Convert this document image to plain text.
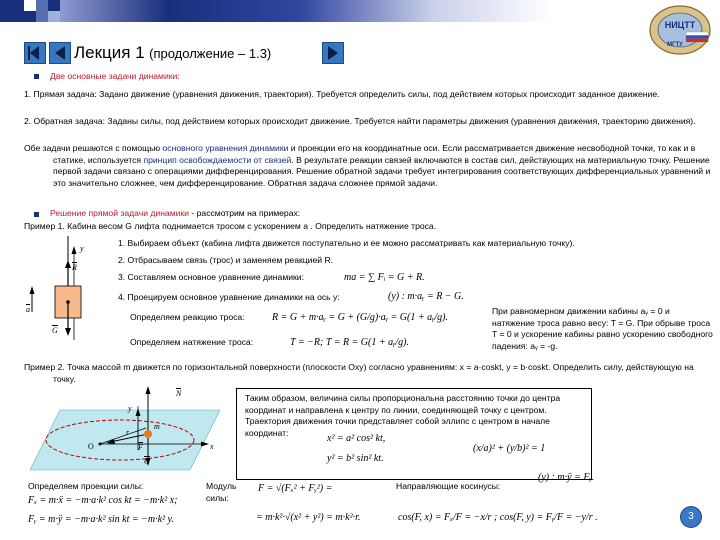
НИЦТТ
МГТУ
Лекция 1 (продолжение – 1.3)
Две основные задачи динамики:
1. Прямая задача: Задано движение (уравнения движения, траектория). Требуется определить силы, под действием которых происходит заданное движение.
2. Обратная задача: Заданы силы, под действием которых происходит движение. Требуется найти параметры движения (уравнения движения, траекторию движения).
Обе задачи решаются с помощью основного уравнения динамики и проекции его на координатные оси. Если рассматривается движение несвободной точки, то как и в статике, используется принцип освобождаемости от связей. В результате реакции связей включаются в состав сил, действующих на материальную точку. Решение первой задачи связано с операциями дифференцирования. Решение обратной задачи требует интегрирования соответствующих дифференциальных уравнений и это значительно сложнее, чем дифференцирование. Обратная задача сложнее прямой задачи.
Решение прямой задачи динамики - рассмотрим на примерах:
Пример 1. Кабина весом G лифта поднимается тросом с ускорением a . Определить натяжение троса.
y
R
G
a
1. Выбираем объект (кабина лифта движется поступательно и ее можно рассматривать как материальную точку).
2. Отбрасываем связь (трос) и заменяем реакцией R.
3. Составляем основное уравнение динамики:	ma = ∑ Fᵢ = G + R.
4. Проецируем основное уравнение динамики на ось y:	(y) : m·aᵧ = R − G.
Определяем реакцию троса:	R = G + m·aᵧ = G + (G/g)·aᵧ = G(1 + aᵧ/g).
Определяем натяжение троса:	T = −R; T = R = G(1 + aᵧ/g).
При равномерном движении кабины aᵧ = 0 и натяжение троса равно весу: T = G. При обрыве троса T = 0 и ускорение кабины равно ускорению свободного падения: aᵧ = -g.
Пример 2. Точка массой m движется по горизонтальной поверхности (плоскости Oxy) согласно уравнениям: x = a·coskt, y = b·coskt. Определить силу, действующую на точку.
N
F
G
O	x
y
r
m
Таким образом, величина силы пропорциональна расстоянию точки до центра координат и направлена к центру по линии, соединяющей точку с центром. Траектория движения точки представляет собой эллипс с центром в начале координат:
x² = a² cos² kt,
y² = b² sin² kt.
(x/a)² + (y/b)² = 1
(y) : m·ÿ = Fᵧ.
Определяем проекции силы:
Fₓ = m·ẍ = −m·a·k² cos kt = −m·k² x;
Fᵧ = m·ÿ = −m·a·k² sin kt = −m·k² y.
Модуль
силы:
F = √(Fₓ² + Fᵧ²) =
= m·k²·√(x² + y²) = m·k²·r.
Направляющие косинусы:
cos(F, x) = Fₓ/F = −x/r ; cos(F, y) = Fᵧ/F = −y/r .	3
